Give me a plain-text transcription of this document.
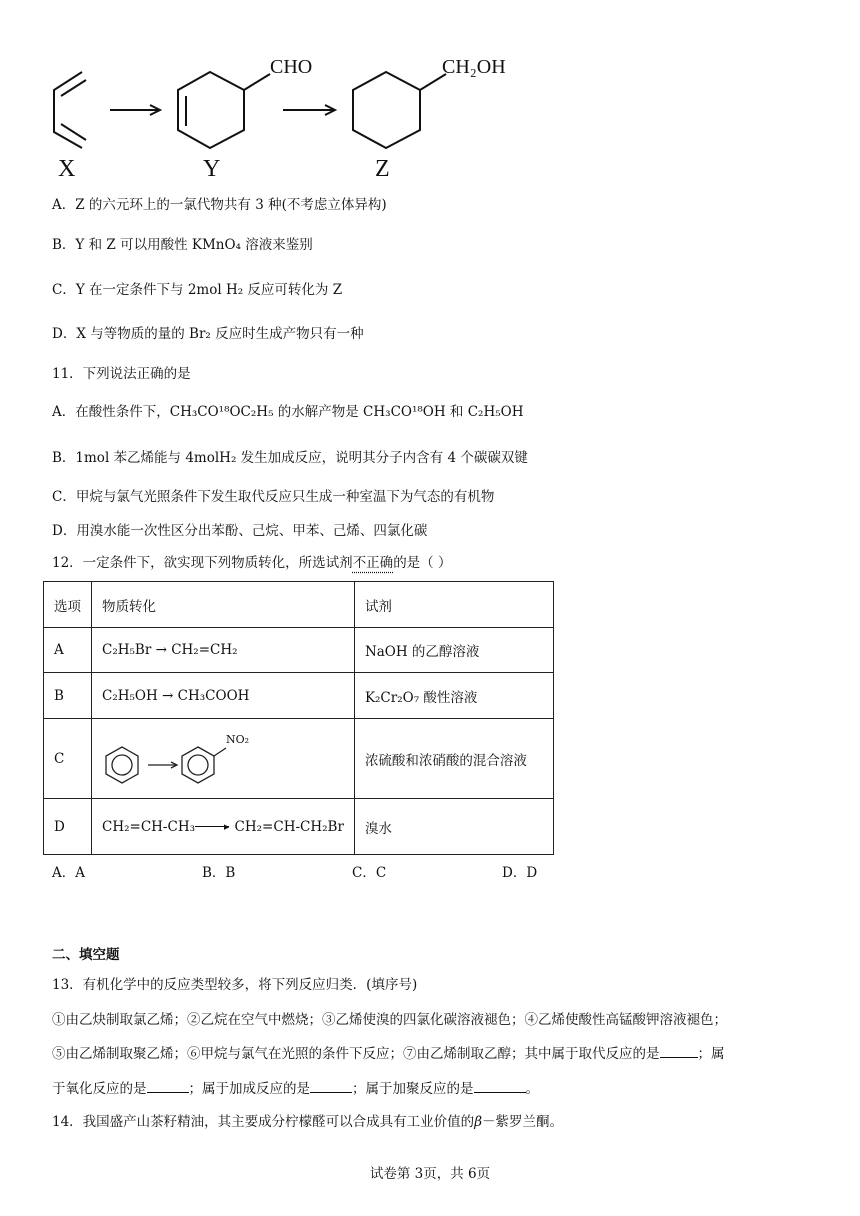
X	Y	Z
CHO	CH₂OH
A．Z 的六元环上的一氯代物共有 3 种(不考虑立体异构)
B．Y 和 Z 可以用酸性 KMnO₄ 溶液来鉴别
C．Y 在一定条件下与 2mol H₂ 反应可转化为 Z
D．X 与等物质的量的 Br₂ 反应时生成产物只有一种
11．下列说法正确的是
A．在酸性条件下，CH₃CO¹⁸OC₂H₅ 的水解产物是 CH₃CO¹⁸OH 和 C₂H₅OH
B．1mol 苯乙烯能与 4molH₂ 发生加成反应，说明其分子内含有 4 个碳碳双键
C．甲烷与氯气光照条件下发生取代反应只生成一种室温下为气态的有机物
D．用溴水能一次性区分出苯酚、己烷、甲苯、己烯、四氯化碳
12．一定条件下，欲实现下列物质转化，所选试剂不正确的是（ ）
选项	物质转化	试剂
A	C₂H₅Br → CH₂=CH₂	NaOH 的乙醇溶液
B	C₂H₅OH → CH₃COOH	K₂Cr₂O₇ 酸性溶液
C	NO₂	浓硫酸和浓硝酸的混合溶液
D	CH₂=CH-CH₃ ▸ CH₂=CH-CH₂Br	溴水
A．A	B．B	C．C	D．D
二、填空题
13．有机化学中的反应类型较多，将下列反应归类．(填序号)
①由乙炔制取氯乙烯；②乙烷在空气中燃烧；③乙烯使溴的四氯化碳溶液褪色；④乙烯使酸性高锰酸钾溶液褪色；
⑤由乙烯制取聚乙烯；⑥甲烷与氯气在光照的条件下反应；⑦由乙烯制取乙醇；其中属于取代反应的是	；属
于氧化反应的是	；属于加成反应的是	；属于加聚反应的是	。
14．我国盛产山茶籽精油，其主要成分柠檬醛可以合成具有工业价值的β－紫罗兰酮。
试卷第 3页，共 6页
